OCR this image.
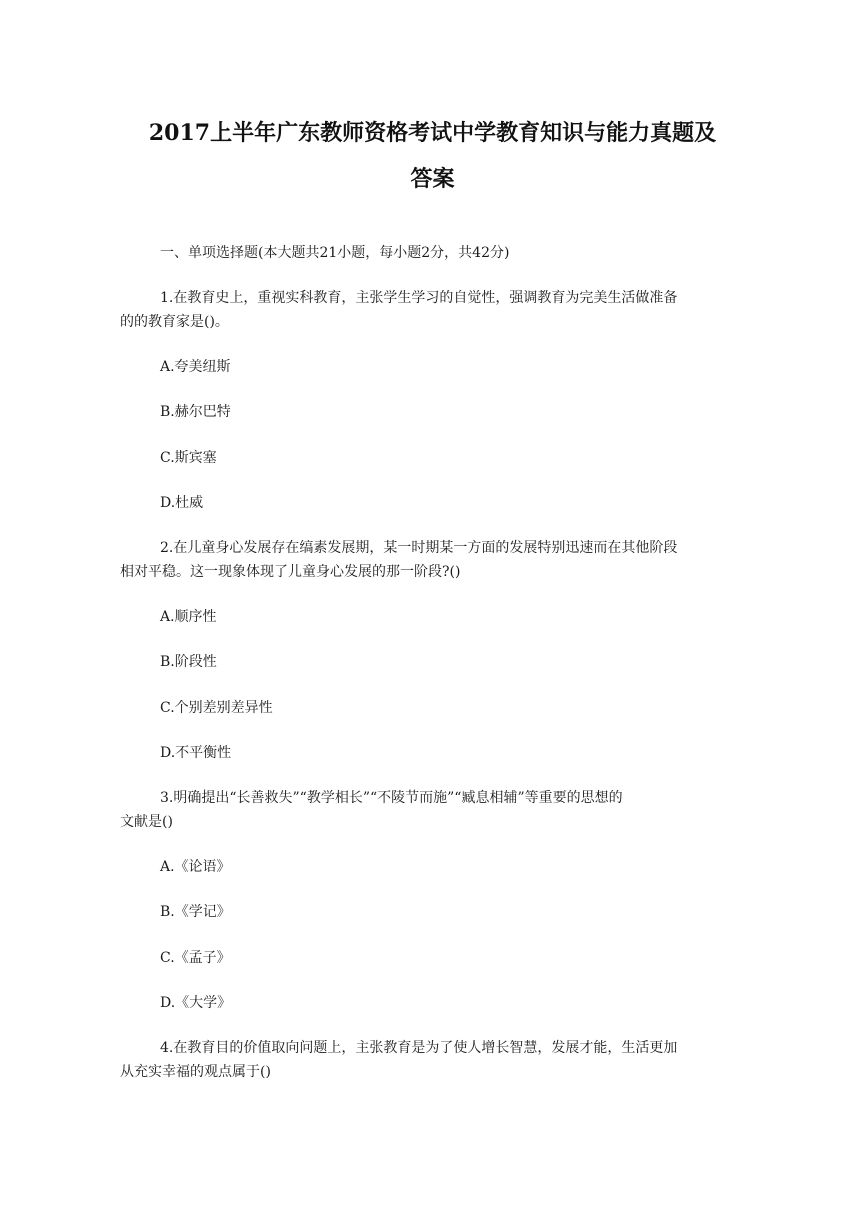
2017上半年广东教师资格考试中学教育知识与能力真题及
答案
一、单项选择题(本大题共21小题，每小题2分，共42分)
1.在教育史上，重视实科教育，主张学生学习的自觉性，强调教育为完美生活做准备
的的教育家是()。
A.夸美纽斯
B.赫尔巴特
C.斯宾塞
D.杜威
2.在儿童身心发展存在缟素发展期，某一时期某一方面的发展特别迅速而在其他阶段
相对平稳。这一现象体现了儿童身心发展的那一阶段?()
A.顺序性
B.阶段性
C.个别差别差异性
D.不平衡性
3.明确提出“长善救失”“教学相长”“不陵节而施”“臧息相辅”等重要的思想的
文献是()
A.《论语》
B.《学记》
C.《孟子》
D.《大学》
4.在教育目的价值取向问题上，主张教育是为了使人增长智慧，发展才能，生活更加
从充实幸福的观点属于()
